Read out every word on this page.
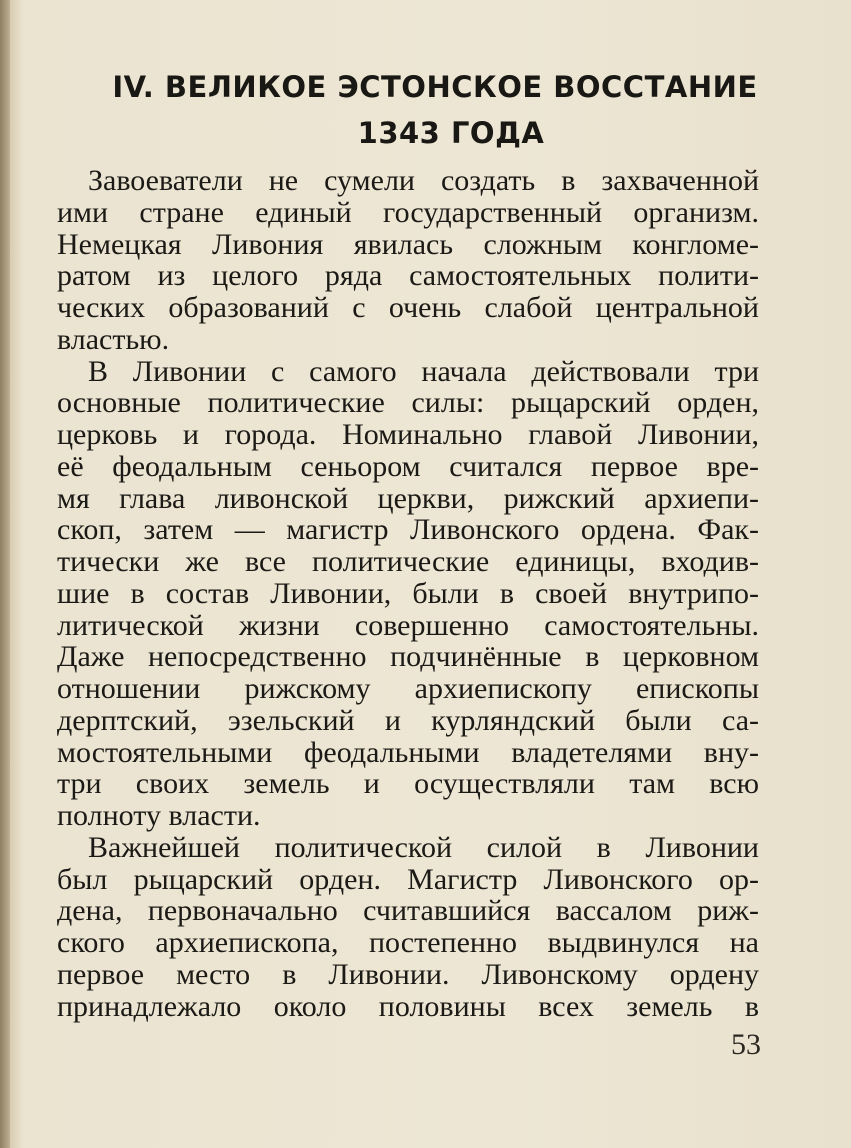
IV. ВЕЛИКОЕ ЭСТОНСКОЕ ВОССТАНИЕ
1343 ГОДА
Завоеватели не сумели создать в захваченной
ими стране единый государственный организм.
Немецкая Ливония явилась сложным конгломе-
ратом из целого ряда самостоятельных полити-
ческих образований с очень слабой центральной
властью.
В Ливонии с самого начала действовали три
основные политические силы: рыцарский орден,
церковь и города. Номинально главой Ливонии,
её феодальным сеньором считался первое вре-
мя глава ливонской церкви, рижский архиепи-
скоп, затем — магистр Ливонского ордена. Фак-
тически же все политические единицы, входив-
шие в состав Ливонии, были в своей внутрипо-
литической жизни совершенно самостоятельны.
Даже непосредственно подчинённые в церковном
отношении рижскому архиепископу епископы
дерптский, эзельский и курляндский были са-
мостоятельными феодальными владетелями вну-
три своих земель и осуществляли там всю
полноту власти.
Важнейшей политической силой в Ливонии
был рыцарский орден. Магистр Ливонского ор-
дена, первоначально считавшийся вассалом риж-
ского архиепископа, постепенно выдвинулся на
первое место в Ливонии. Ливонскому ордену
принадлежало около половины всех земель в
53
